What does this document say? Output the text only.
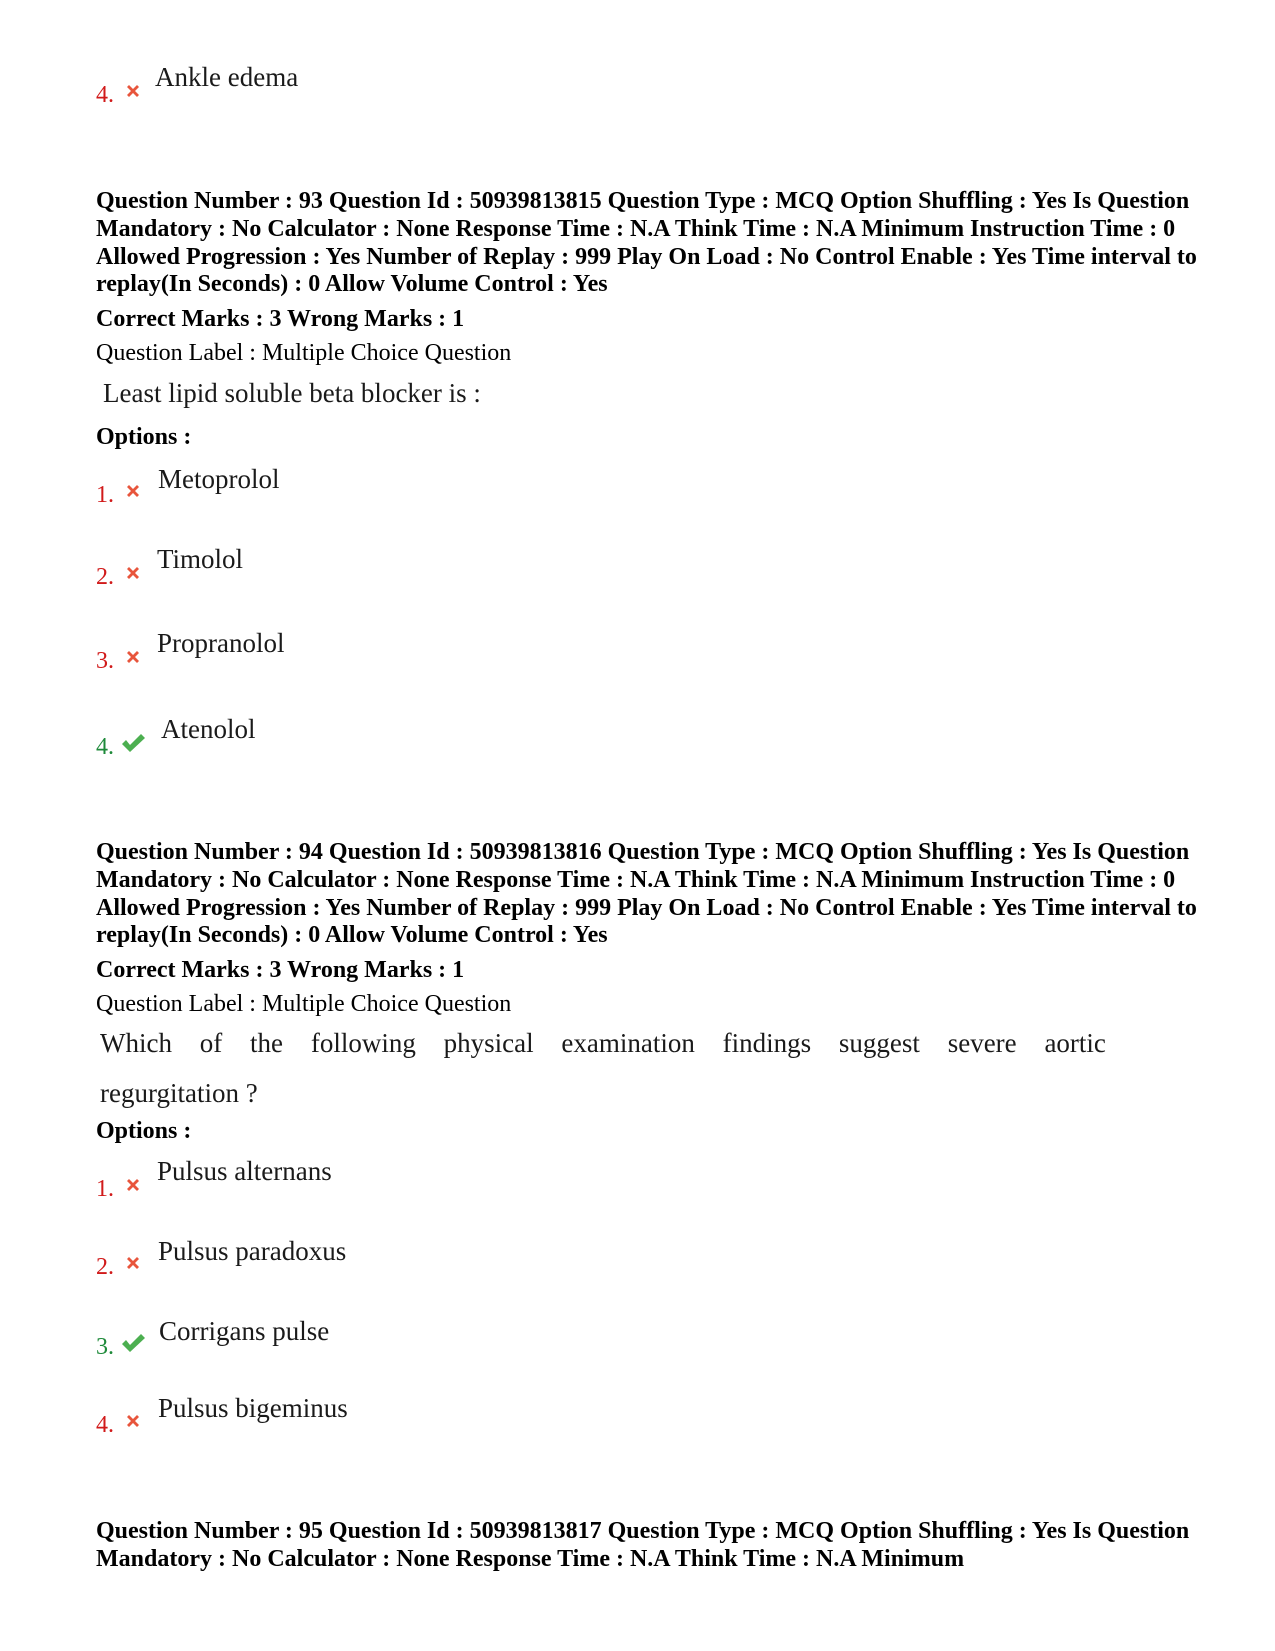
4.
Ankle edema
Question Number : 93 Question Id : 50939813815 Question Type : MCQ Option Shuffling : Yes Is Question Mandatory : No Calculator : None Response Time : N.A Think Time : N.A Minimum Instruction Time : 0 Allowed Progression : Yes Number of Replay : 999 Play On Load : No Control Enable : Yes Time interval to replay(In Seconds) : 0 Allow Volume Control : Yes
Correct Marks : 3 Wrong Marks : 1
Question Label : Multiple Choice Question
Least lipid soluble beta blocker is :
Options :
1.
Metoprolol
2.
Timolol
3.
Propranolol
4.
Atenolol
Question Number : 94 Question Id : 50939813816 Question Type : MCQ Option Shuffling : Yes Is Question Mandatory : No Calculator : None Response Time : N.A Think Time : N.A Minimum Instruction Time : 0 Allowed Progression : Yes Number of Replay : 999 Play On Load : No Control Enable : Yes Time interval to replay(In Seconds) : 0 Allow Volume Control : Yes
Correct Marks : 3 Wrong Marks : 1
Question Label : Multiple Choice Question
Which of the following physical examination findings suggest severe aortic
regurgitation ?
Options :
1.
Pulsus alternans
2.
Pulsus paradoxus
3.
Corrigans pulse
4.
Pulsus bigeminus
Question Number : 95 Question Id : 50939813817 Question Type : MCQ Option Shuffling : Yes Is Question Mandatory : No Calculator : None Response Time : N.A Think Time : N.A Minimum
